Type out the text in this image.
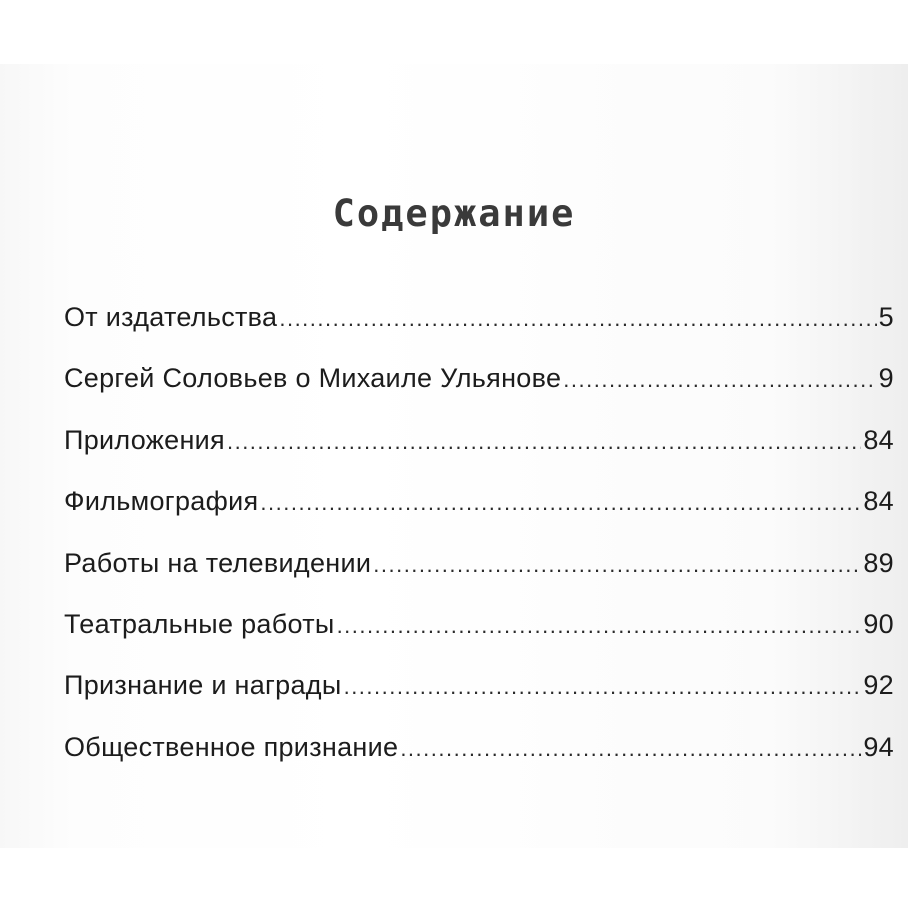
Содержание
От издательства .....	5
Сергей Соловьев о Михаиле Ульянове .....	9
Приложения .....	84
Фильмография .....	84
Работы на телевидении .....	89
Театральные работы .....	90
Признание и награды .....	92
Общественное признание .....	94
